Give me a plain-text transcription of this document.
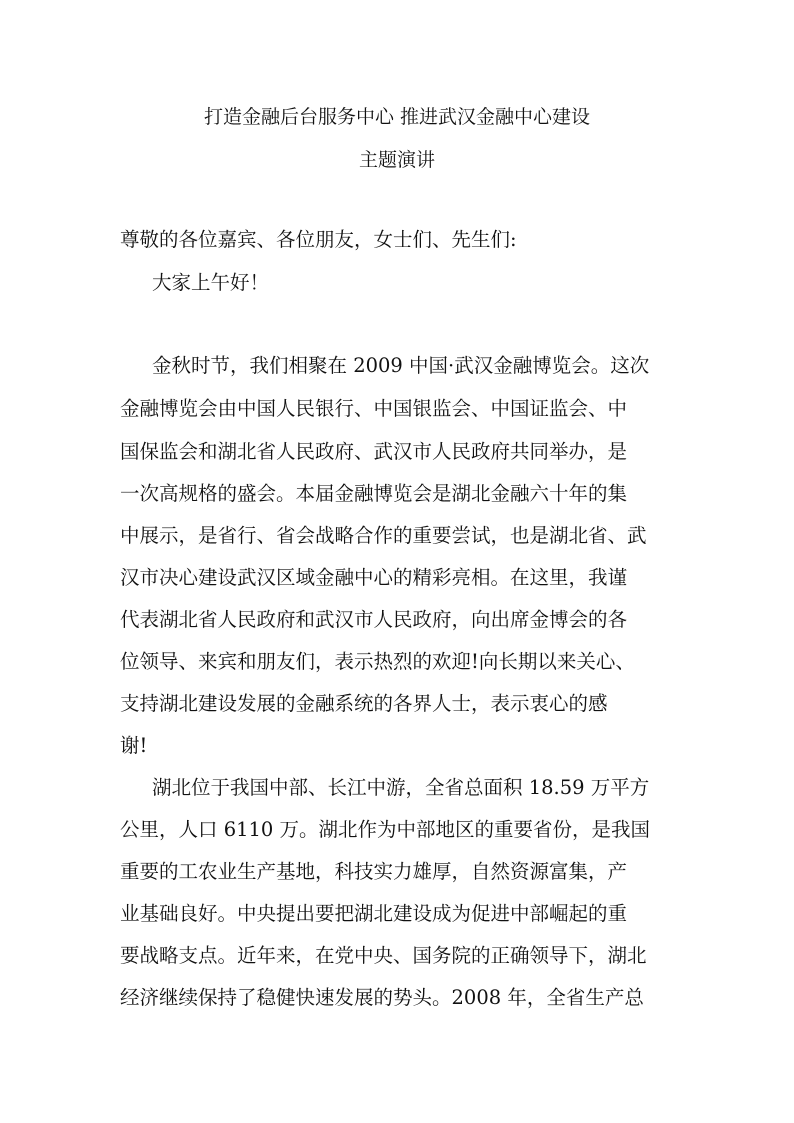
打造金融后台服务中心 推进武汉金融中心建设
主题演讲
尊敬的各位嘉宾、各位朋友，女士们、先生们:
大家上午好！
金秋时节，我们相聚在 2009 中国·武汉金融博览会。这次
金融博览会由中国人民银行、中国银监会、中国证监会、中
国保监会和湖北省人民政府、武汉市人民政府共同举办，是
一次高规格的盛会。本届金融博览会是湖北金融六十年的集
中展示，是省行、省会战略合作的重要尝试，也是湖北省、武
汉市决心建设武汉区域金融中心的精彩亮相。在这里，我谨
代表湖北省人民政府和武汉市人民政府，向出席金博会的各
位领导、来宾和朋友们，表示热烈的欢迎!向长期以来关心、
支持湖北建设发展的金融系统的各界人士，表示衷心的感
谢!
湖北位于我国中部、长江中游，全省总面积 18.59 万平方
公里，人口 6110 万。湖北作为中部地区的重要省份，是我国
重要的工农业生产基地，科技实力雄厚，自然资源富集，产
业基础良好。中央提出要把湖北建设成为促进中部崛起的重
要战略支点。近年来，在党中央、国务院的正确领导下，湖北
经济继续保持了稳健快速发展的势头。2008 年，全省生产总
